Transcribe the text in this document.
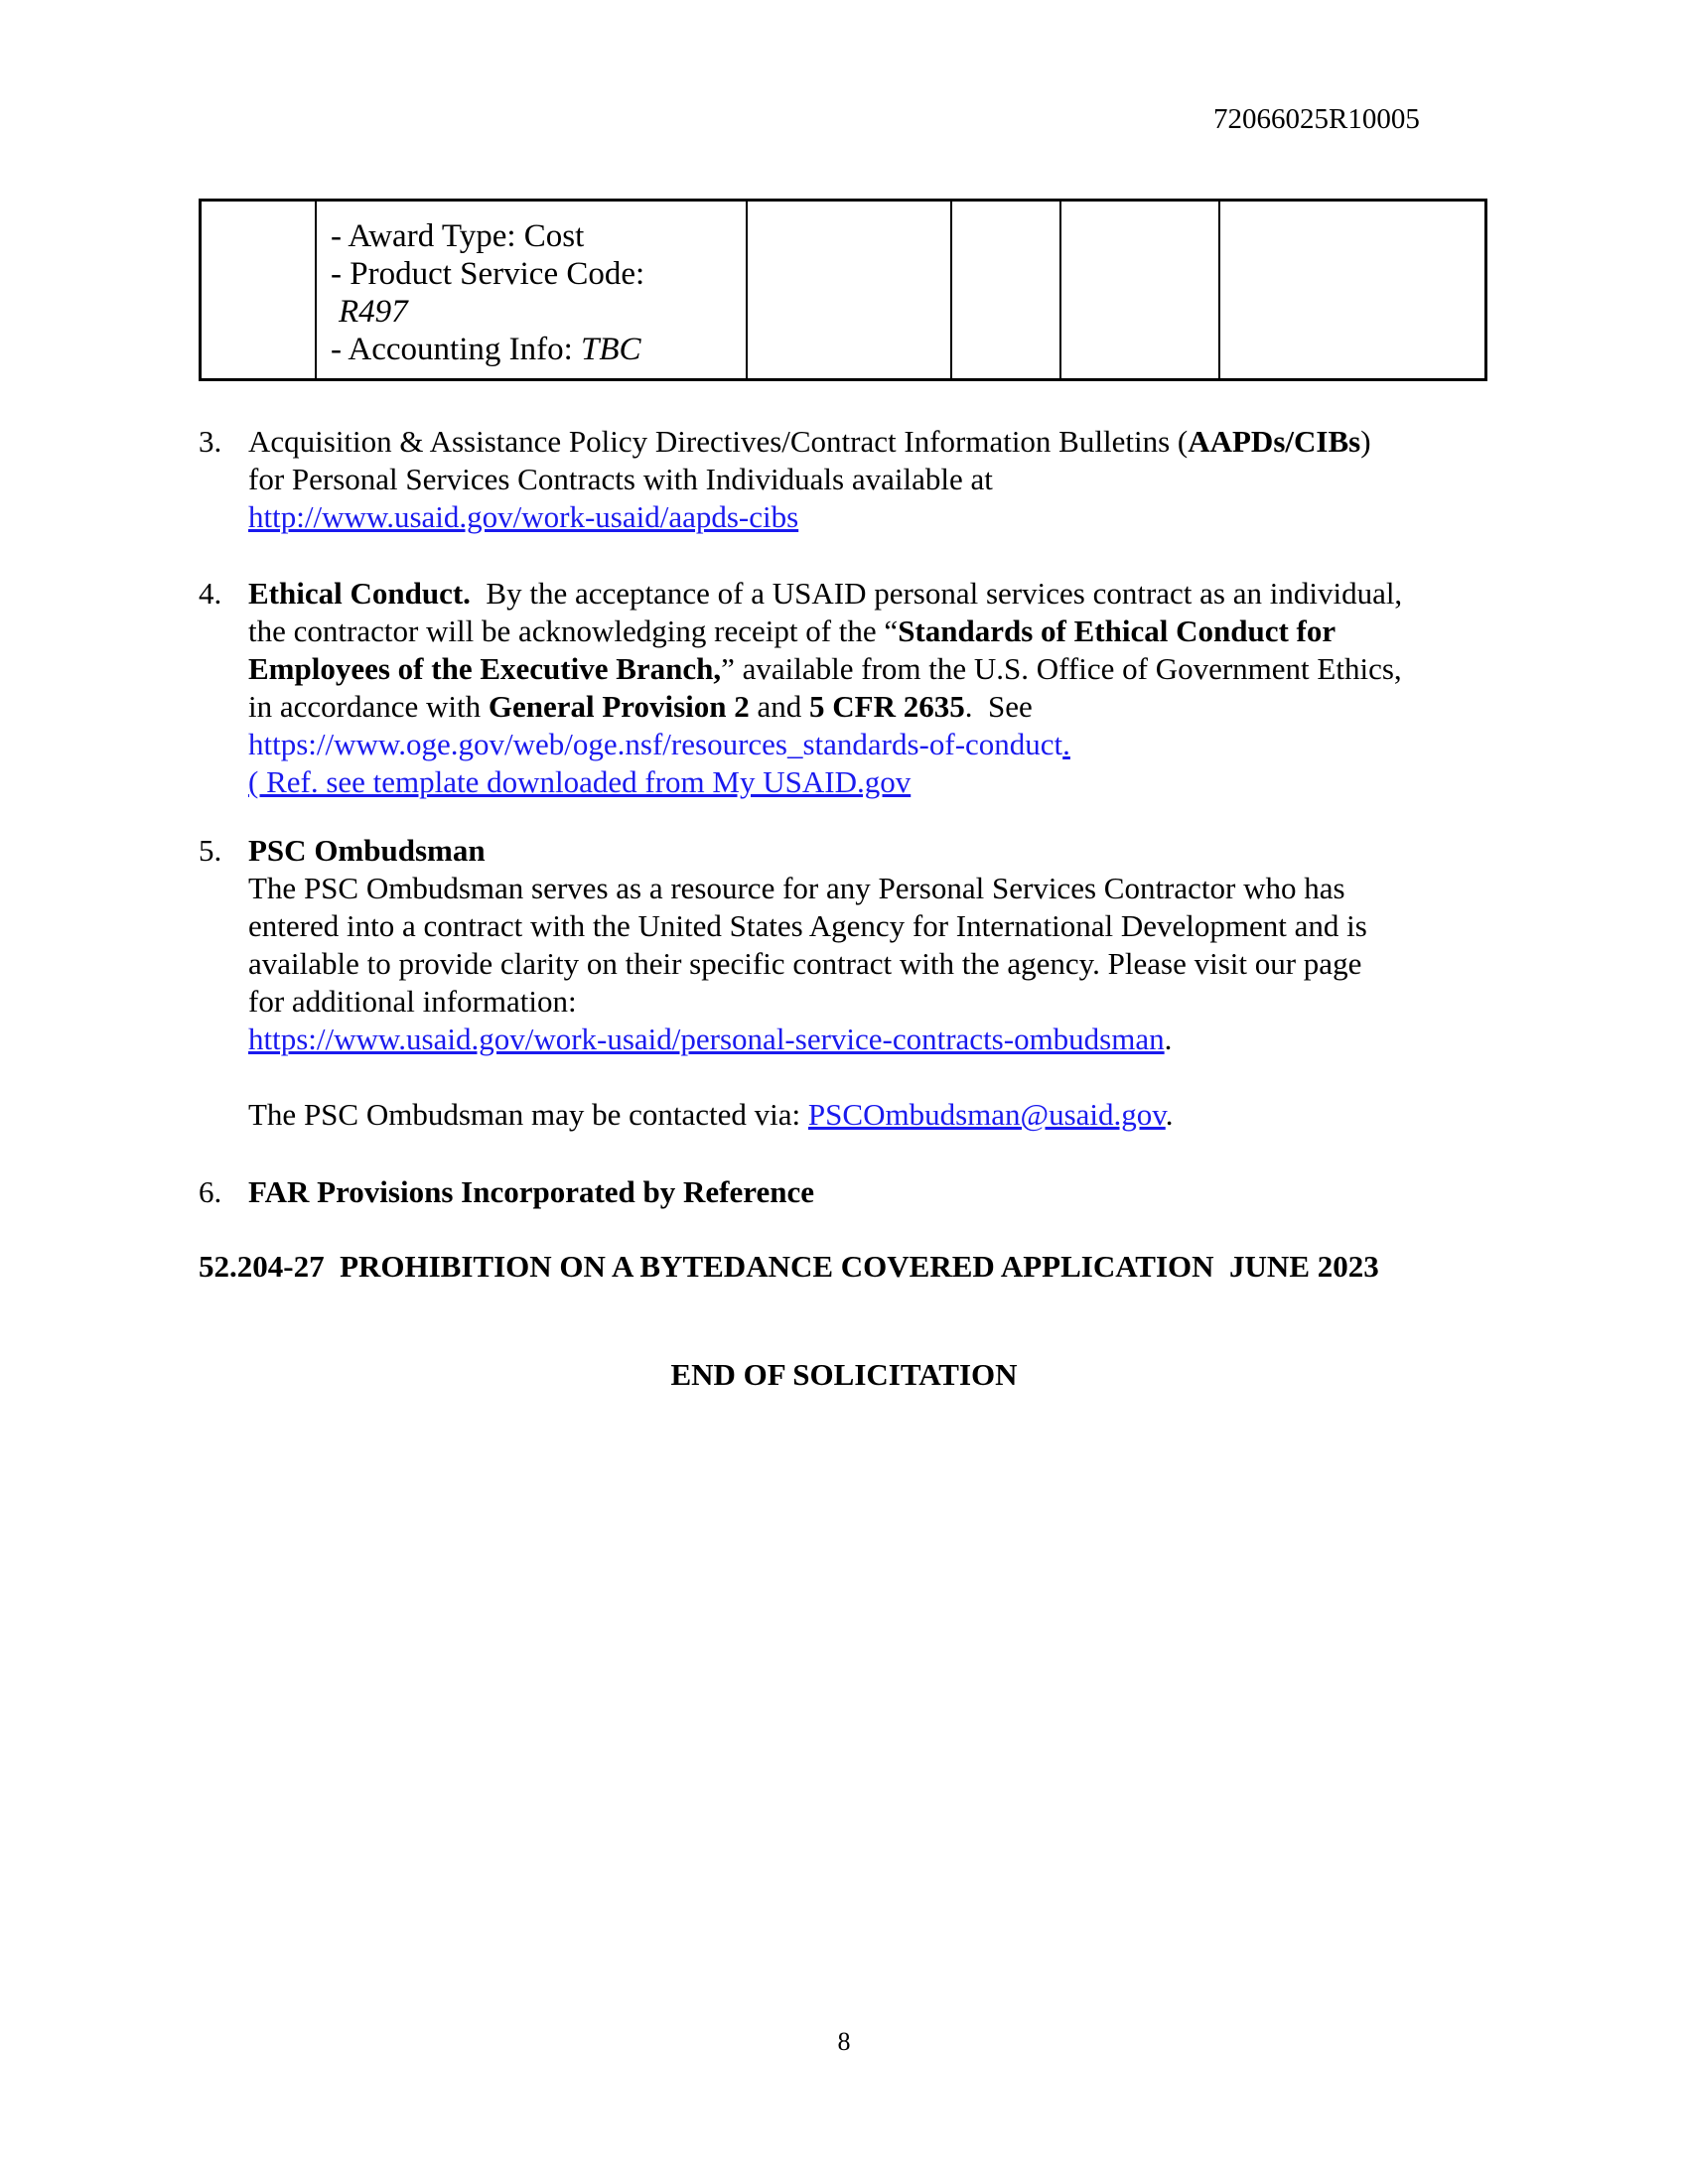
72066025R10005
- Award Type: Cost
- Product Service Code:
R497
- Accounting Info: TBC
3. Acquisition & Assistance Policy Directives/Contract Information Bulletins (AAPDs/CIBs)
for Personal Services Contracts with Individuals available at
http://www.usaid.gov/work-usaid/aapds-cibs
4. Ethical Conduct.  By the acceptance of a USAID personal services contract as an individual,
the contractor will be acknowledging receipt of the “Standards of Ethical Conduct for
Employees of the Executive Branch,” available from the U.S. Office of Government Ethics,
in accordance with General Provision 2 and 5 CFR 2635.  See
https://www.oge.gov/web/oge.nsf/resources_standards-of-conduct.
( Ref. see template downloaded from My USAID.gov
5. PSC Ombudsman
The PSC Ombudsman serves as a resource for any Personal Services Contractor who has
entered into a contract with the United States Agency for International Development and is
available to provide clarity on their specific contract with the agency. Please visit our page
for additional information:
https://www.usaid.gov/work-usaid/personal-service-contracts-ombudsman.
The PSC Ombudsman may be contacted via: PSCOmbudsman@usaid.gov.
6. FAR Provisions Incorporated by Reference
52.204-27  PROHIBITION ON A BYTEDANCE COVERED APPLICATION  JUNE 2023
END OF SOLICITATION
8
